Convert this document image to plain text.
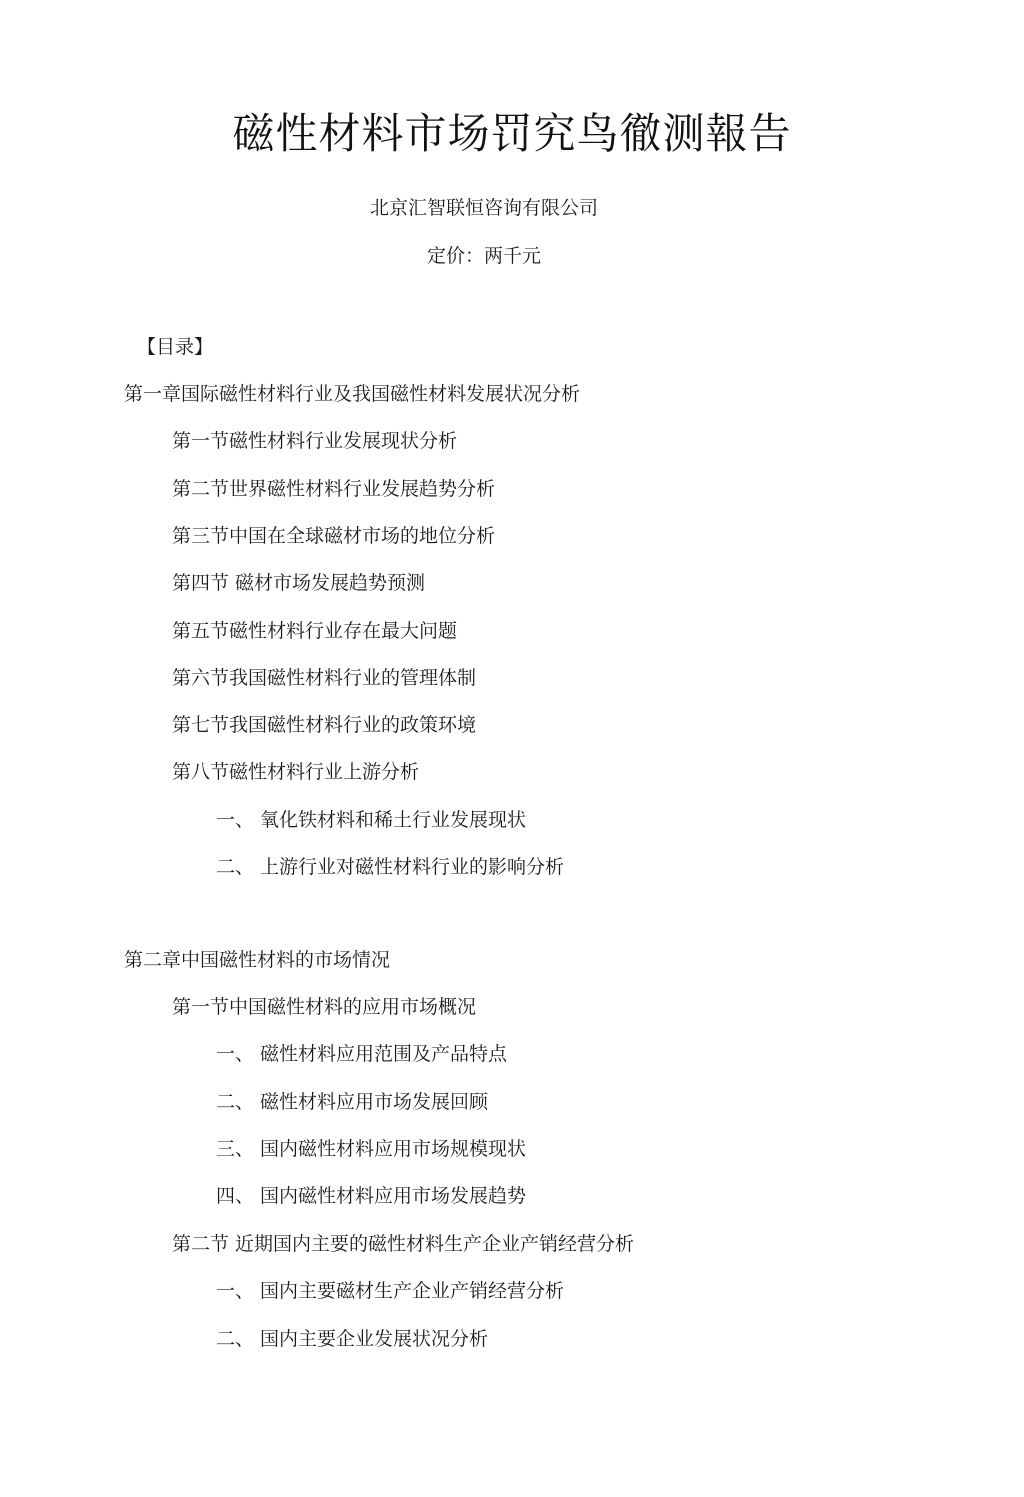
磁性材料市场罚究鸟徹测報告
北京汇智联恒咨询有限公司
定价：两千元
【目录】
第一章国际磁性材料行业及我国磁性材料发展状况分析
第一节磁性材料行业发展现状分析
第二节世界磁性材料行业发展趋势分析
第三节中国在全球磁材市场的地位分析
第四节 磁材市场发展趋势预测
第五节磁性材料行业存在最大问题
第六节我国磁性材料行业的管理体制
第七节我国磁性材料行业的政策环境
第八节磁性材料行业上游分析
一、 氧化铁材料和稀土行业发展现状
二、 上游行业对磁性材料行业的影响分析
第二章中国磁性材料的市场情况
第一节中国磁性材料的应用市场概况
一、 磁性材料应用范围及产品特点
二、 磁性材料应用市场发展回顾
三、 国内磁性材料应用市场规模现状
四、 国内磁性材料应用市场发展趋势
第二节 近期国内主要的磁性材料生产企业产销经营分析
一、 国内主要磁材生产企业产销经营分析
二、 国内主要企业发展状况分析
